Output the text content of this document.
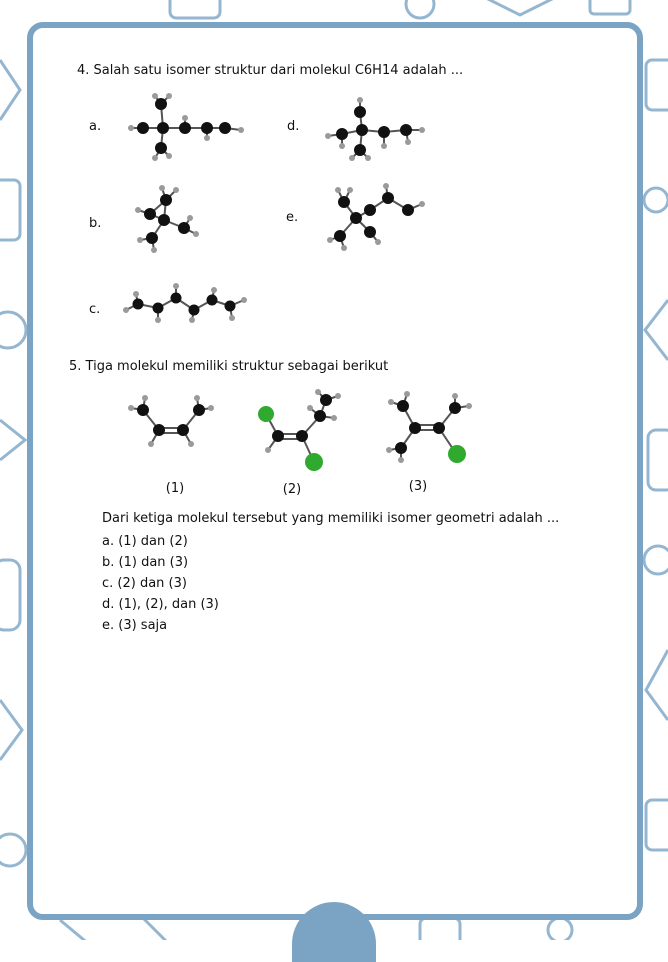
4. Salah satu isomer struktur dari molekul C6H14 adalah ...
a.
b.
c.
d.
e.
5. Tiga molekul memiliki struktur sebagai berikut
(1)	(2)	(3)
Dari ketiga molekul tersebut yang memiliki isomer geometri adalah ...
a. (1) dan (2)
b. (1) dan (3)
c. (2) dan (3)
d. (1), (2), dan (3)
e. (3) saja
